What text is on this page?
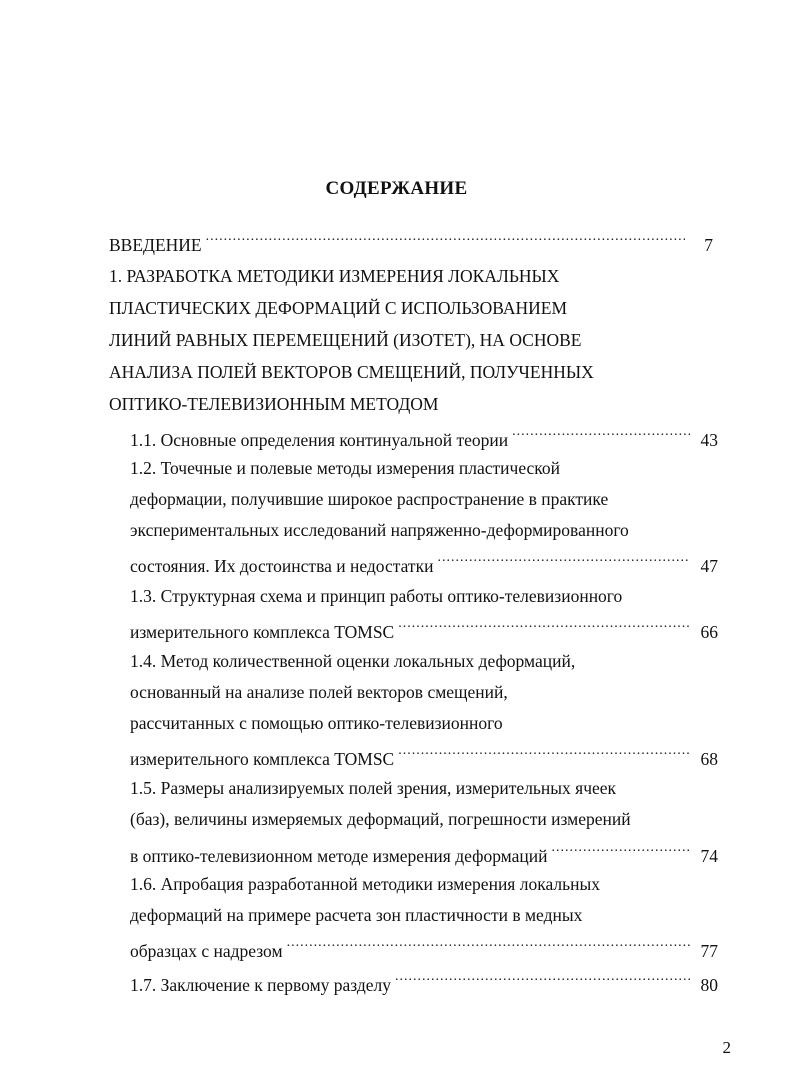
СОДЕРЖАНИЕ
ВВЕДЕНИЕ .....	7
1. РАЗРАБОТКА МЕТОДИКИ ИЗМЕРЕНИЯ ЛОКАЛЬНЫХ
ПЛАСТИЧЕСКИХ ДЕФОРМАЦИЙ С ИСПОЛЬЗОВАНИЕМ
ЛИНИЙ РАВНЫХ ПЕРЕМЕЩЕНИЙ (ИЗОТЕТ), НА ОСНОВЕ
АНАЛИЗА ПОЛЕЙ ВЕКТОРОВ СМЕЩЕНИЙ, ПОЛУЧЕННЫХ
ОПТИКО-ТЕЛЕВИЗИОННЫМ МЕТОДОМ
1.1. Основные определения континуальной теории .....	43
1.2. Точечные и полевые методы измерения пластической
деформации, получившие широкое распространение в практике
экспериментальных исследований напряженно-деформированного
состояния. Их достоинства и недостатки .....	47
1.3. Структурная схема и принцип работы оптико-телевизионного
измерительного комплекса TOMSC .....	66
1.4. Метод количественной оценки локальных деформаций,
основанный на анализе полей векторов смещений,
рассчитанных с помощью оптико-телевизионного
измерительного комплекса TOMSC .....	68
1.5. Размеры анализируемых полей зрения, измерительных ячеек
(баз), величины измеряемых деформаций, погрешности измерений
в оптико-телевизионном методе измерения деформаций .....	74
1.6. Апробация разработанной методики измерения локальных
деформаций на примере расчета зон пластичности в медных
образцах с надрезом .....	77
1.7. Заключение к первому разделу .....	80
2
